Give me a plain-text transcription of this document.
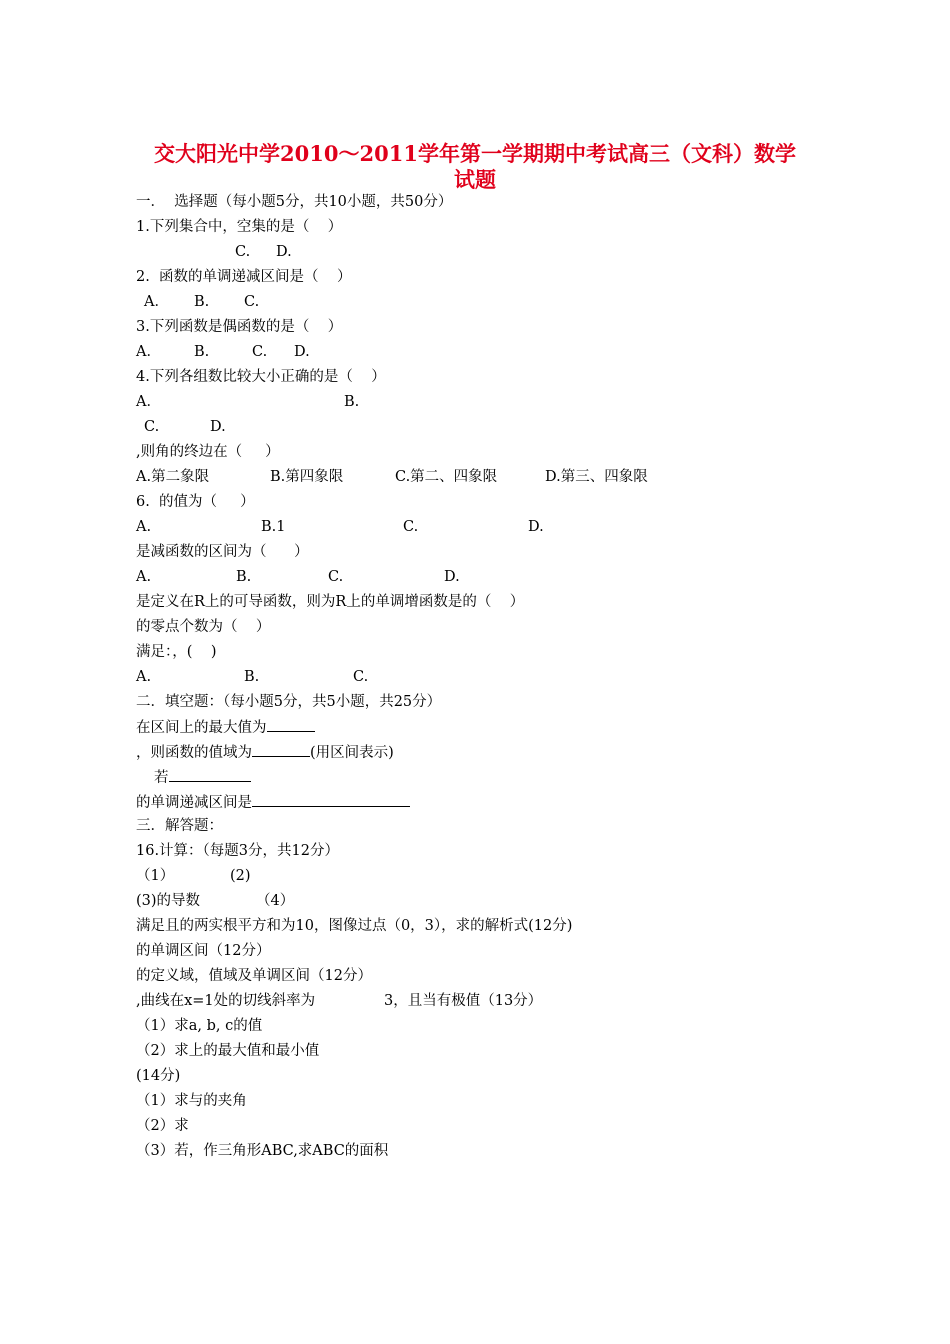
交大阳光中学2010～2011学年第一学期期中考试高三（文科）数学
试题
一．  选择题（每小题5分，共10小题，共50分）
1.下列集合中，空集的是（    ）
C. D.
2.  函数的单调递减区间是（    ）
A． B. C.
3.下列函数是偶函数的是（    ）
A． B.	C. D.
4.下列各组数比较大小正确的是（    ）
A．	B.
C.	D.
,则角的终边在（     ）
A.第二象限	B.第四象限	C.第二、四象限	D.第三、四象限
6.  的值为（     ）
A.	B.1	C.	D.
是减函数的区间为（      ）
A.	B.	C.	D.
是定义在R上的可导函数，则为R上的单调增函数是的（    ）
的零点个数为（    ）
满足：，(    )
A.	B.	C.
二．填空题：（每小题5分，共5小题，共25分）
在区间上的最大值为
，则函数的值域为	(用区间表示)
若
的单调递减区间是
三．解答题：
16.计算：（每题3分，共12分）
（1）	(2)
(3)的导数	（4）
满足且的两实根平方和为10，图像过点（0，3），求的解析式(12分)
的单调区间（12分）
的定义域，值域及单调区间（12分）
,曲线在x=1处的切线斜率为	3，且当有极值（13分）
（1）求a, b, c的值
（2）求上的最大值和最小值
(14分)
（1）求与的夹角
（2）求
（3）若，作三角形ABC,求ABC的面积
